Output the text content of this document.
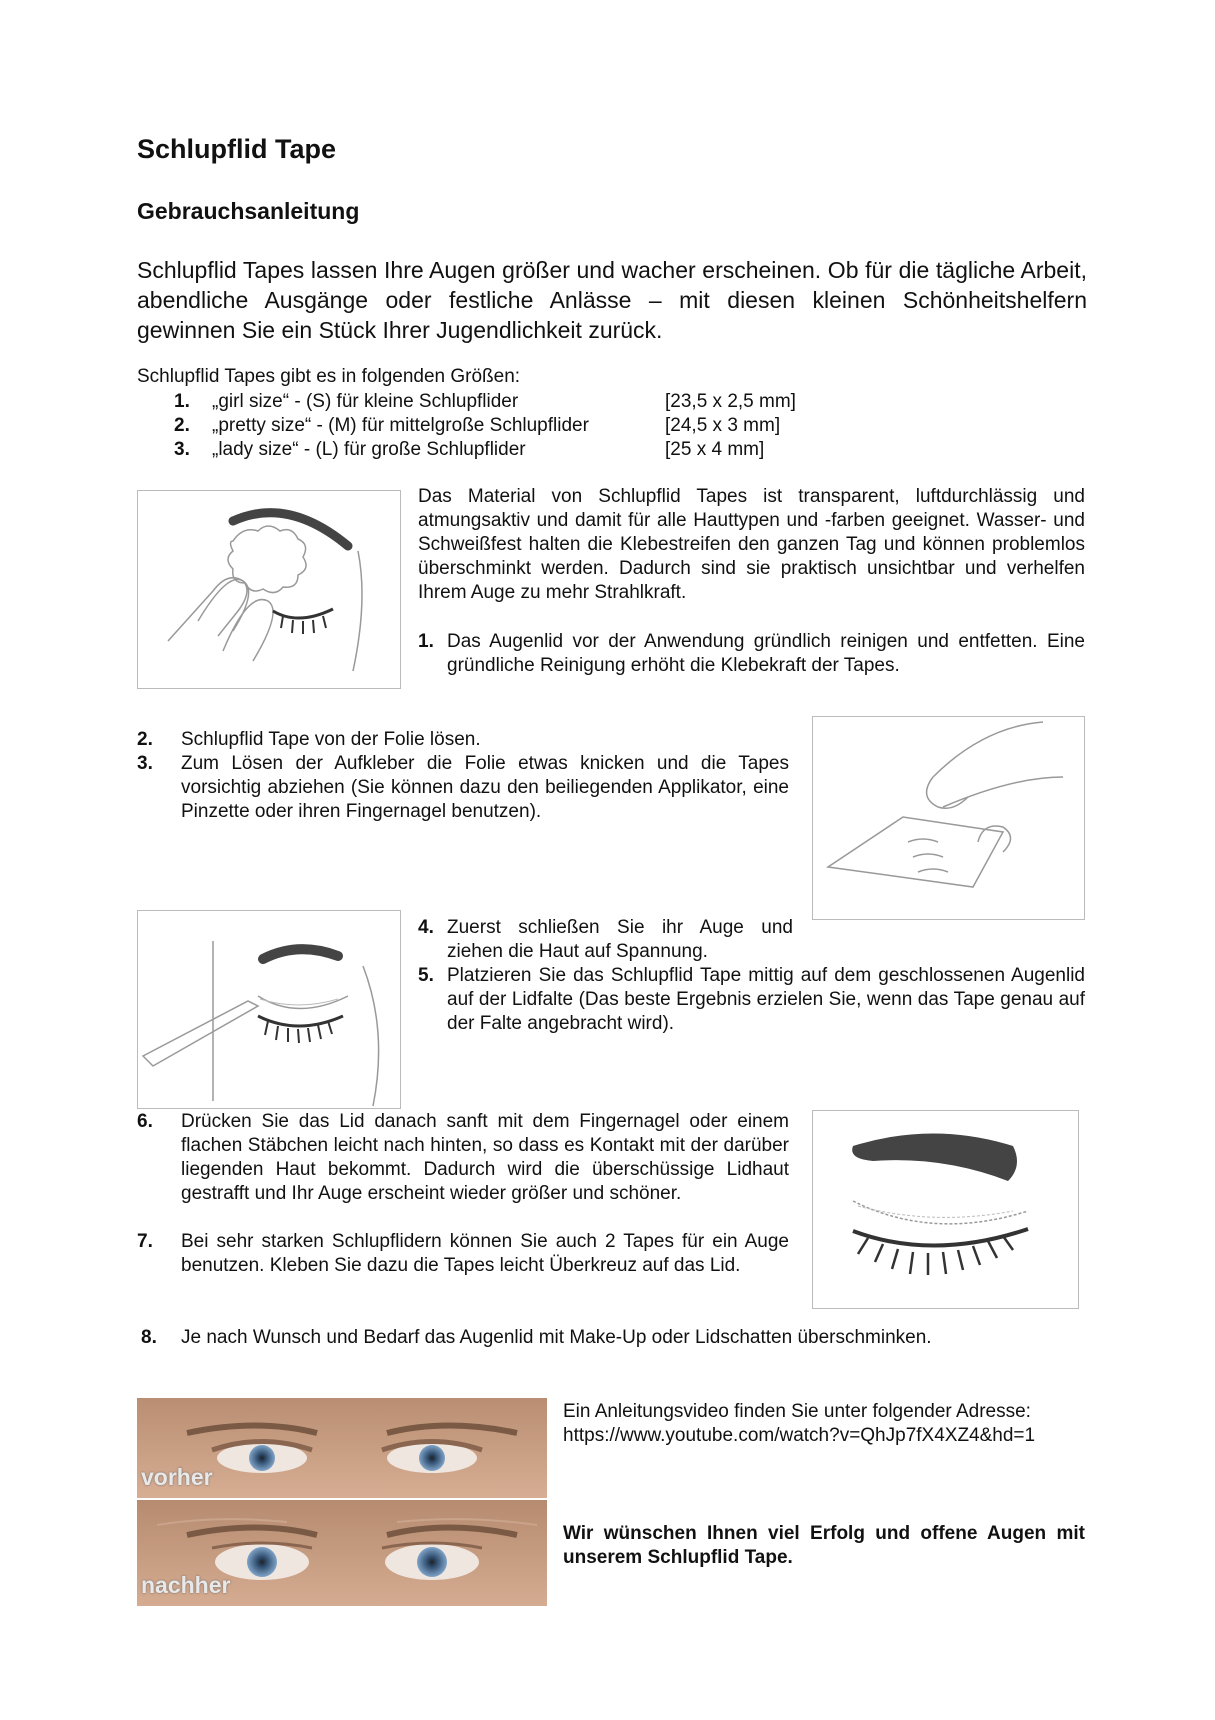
Schlupflid Tape
Gebrauchsanleitung

Schlupflid Tapes lassen Ihre Augen größer und wacher erscheinen. Ob für die tägliche Arbeit, abendliche Ausgänge oder festliche Anlässe – mit diesen kleinen Schönheitshelfern gewinnen Sie ein Stück Ihrer Jugendlichkeit zurück.

Schlupflid Tapes gibt es in folgenden Größen:
1. „girl size“ - (S) für kleine Schlupflider	[23,5 x 2,5 mm]
2. „pretty size“ - (M) für mittelgroße Schlupflider	[24,5 x 3 mm]
3. „lady size“ - (L) für große Schlupflider	[25 x 4 mm]

Das Material von Schlupflid Tapes ist transparent, luftdurchlässig und atmungsaktiv und damit für alle Hauttypen und -farben geeignet. Wasser- und Schweißfest halten die Klebestreifen den ganzen Tag und können problemlos überschminkt werden. Dadurch sind sie praktisch unsichtbar und verhelfen Ihrem Auge zu mehr Strahlkraft.

1. Das Augenlid vor der Anwendung gründlich reinigen und entfetten. Eine gründliche Reinigung erhöht die Klebekraft der Tapes.

2. Schlupflid Tape von der Folie lösen.

3. Zum Lösen der Aufkleber die Folie etwas knicken und die Tapes vorsichtig abziehen (Sie können dazu den beiliegenden Applikator, eine Pinzette oder ihren Fingernagel benutzen).

4. Zuerst schließen Sie ihr Auge und ziehen die Haut auf Spannung.

5. Platzieren Sie das Schlupflid Tape mittig auf dem geschlossenen Augenlid auf der Lidfalte (Das beste Ergebnis erzielen Sie, wenn das Tape genau auf der Falte angebracht wird).

6. Drücken Sie das Lid danach sanft mit dem Fingernagel oder einem flachen Stäbchen leicht nach hinten, so dass es Kontakt mit der darüber liegenden Haut bekommt. Dadurch wird die überschüssige Lidhaut gestrafft und Ihr Auge erscheint wieder größer und schöner.

7. Bei sehr starken Schlupflidern können Sie auch 2 Tapes für ein Auge benutzen. Kleben Sie dazu die Tapes leicht Überkreuz auf das Lid.

8. Je nach Wunsch und Bedarf das Augenlid mit Make-Up oder Lidschatten überschminken.

vorher
nachher
Ein Anleitungsvideo finden Sie unter folgender Adresse:
https://www.youtube.com/watch?v=QhJp7fX4XZ4&hd=1

Wir wünschen Ihnen viel Erfolg und offene Augen mit unserem Schlupflid Tape.
